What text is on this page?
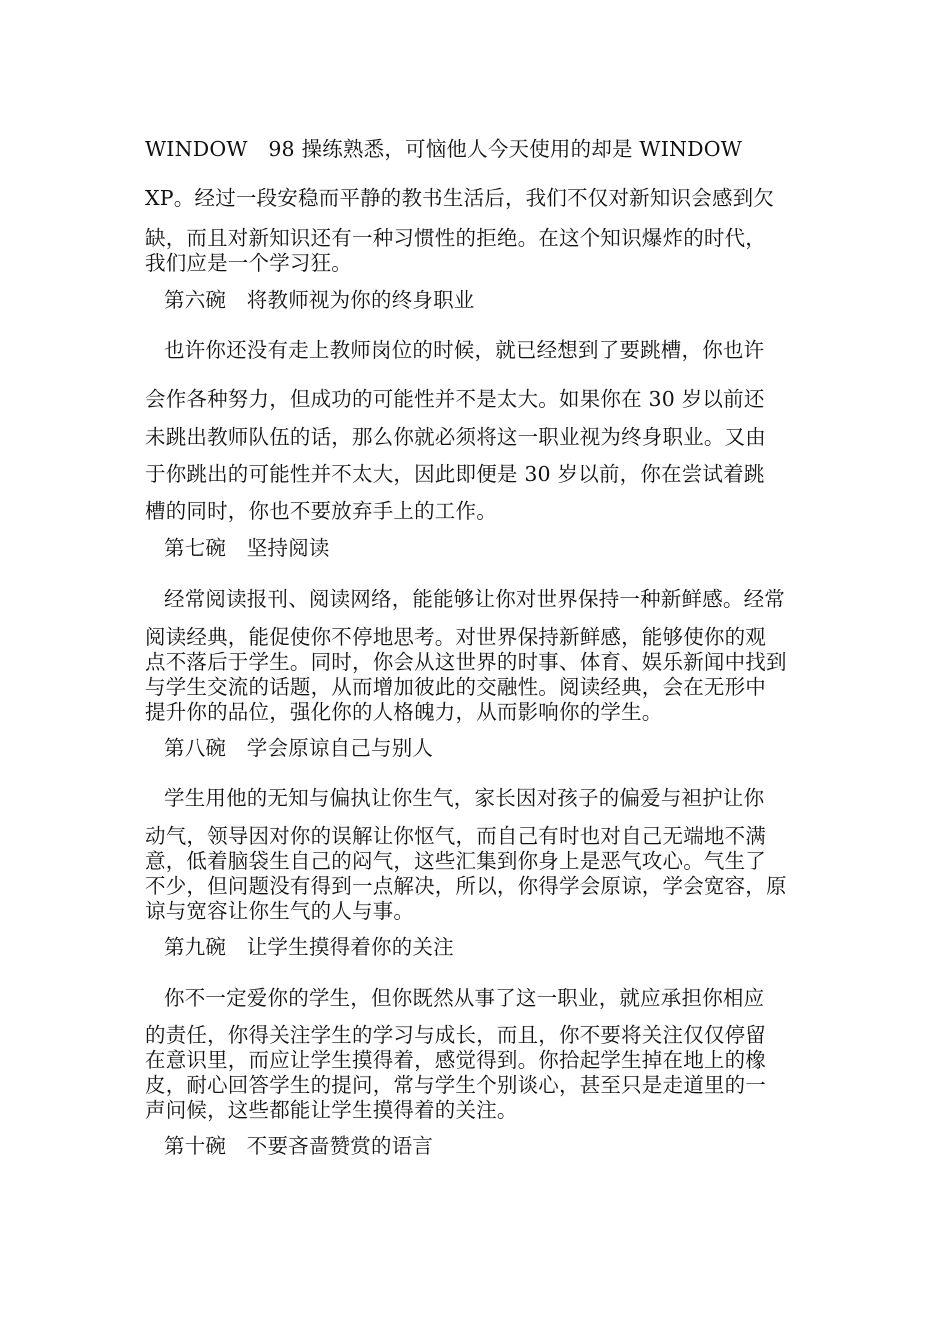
WINDOW　98 操练熟悉，可恼他人今天使用的却是 WINDOW
XP。经过一段安稳而平静的教书生活后，我们不仅对新知识会感到欠
缺，而且对新知识还有一种习惯性的拒绝。在这个知识爆炸的时代，
我们应是一个学习狂。
第六碗　将教师视为你的终身职业
也许你还没有走上教师岗位的时候，就已经想到了要跳槽，你也许
会作各种努力，但成功的可能性并不是太大。如果你在 30 岁以前还
未跳出教师队伍的话，那么你就必须将这一职业视为终身职业。又由
于你跳出的可能性并不太大，因此即便是 30 岁以前，你在尝试着跳
槽的同时，你也不要放弃手上的工作。
第七碗　坚持阅读
经常阅读报刊、阅读网络，能能够让你对世界保持一种新鲜感。经常
阅读经典，能促使你不停地思考。对世界保持新鲜感，能够使你的观
点不落后于学生。同时，你会从这世界的时事、体育、娱乐新闻中找到
与学生交流的话题，从而增加彼此的交融性。阅读经典，会在无形中
提升你的品位，强化你的人格魄力，从而影响你的学生。
第八碗　学会原谅自己与别人
学生用他的无知与偏执让你生气，家长因对孩子的偏爱与袒护让你
动气，领导因对你的误解让你怄气，而自己有时也对自己无端地不满
意，低着脑袋生自己的闷气，这些汇集到你身上是恶气攻心。气生了
不少，但问题没有得到一点解决，所以，你得学会原谅，学会宽容，原
谅与宽容让你生气的人与事。
第九碗　让学生摸得着你的关注
你不一定爱你的学生，但你既然从事了这一职业，就应承担你相应
的责任，你得关注学生的学习与成长，而且，你不要将关注仅仅停留
在意识里，而应让学生摸得着，感觉得到。你拾起学生掉在地上的橡
皮，耐心回答学生的提问，常与学生个别谈心，甚至只是走道里的一
声问候，这些都能让学生摸得着的关注。
第十碗　不要吝啬赞赏的语言
